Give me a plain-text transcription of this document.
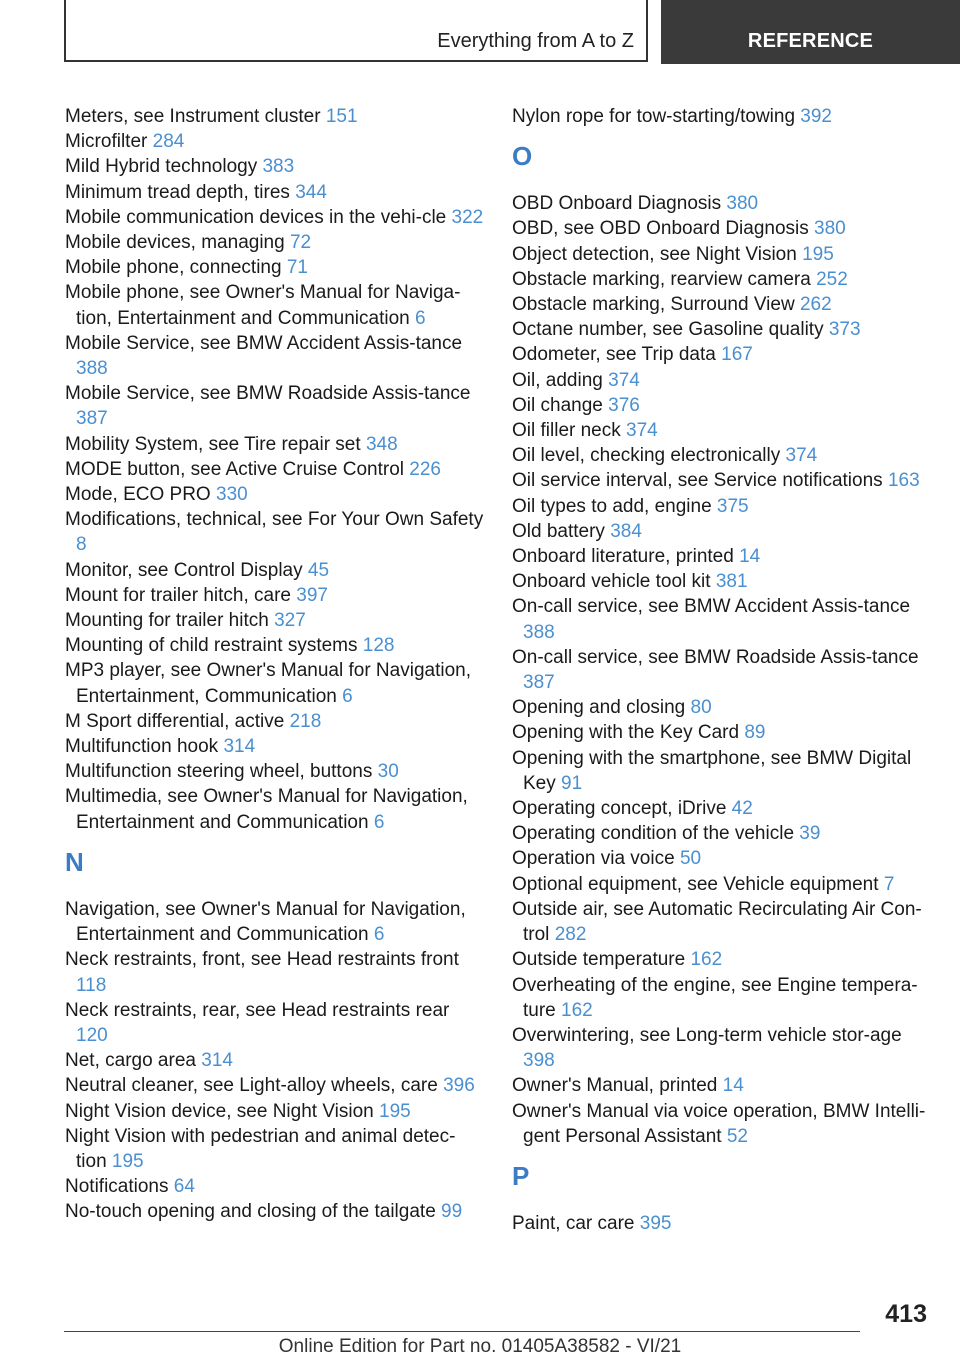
Everything from A to Z	REFERENCE

Meters, see Instrument cluster 151

Microfilter 284

Mild Hybrid technology 383

Minimum tread depth, tires 344

Mobile communication devices in the vehi-cle 322

Mobile devices, managing 72

Mobile phone, connecting 71

Mobile phone, see Owner's Manual for Naviga-tion, Entertainment and Communication 6

Mobile Service, see BMW Accident Assis-tance 388

Mobile Service, see BMW Roadside Assis-tance 387

Mobility System, see Tire repair set 348

MODE button, see Active Cruise Control 226

Mode, ECO PRO 330

Modifications, technical, see For Your Own Safety 8

Monitor, see Control Display 45

Mount for trailer hitch, care 397

Mounting for trailer hitch 327

Mounting of child restraint systems 128

MP3 player, see Owner's Manual for Navigation, Entertainment, Communication 6

M Sport differential, active 218

Multifunction hook 314

Multifunction steering wheel, buttons 30

Multimedia, see Owner's Manual for Navigation, Entertainment and Communication 6

N

Navigation, see Owner's Manual for Navigation, Entertainment and Communication 6

Neck restraints, front, see Head restraints front 118

Neck restraints, rear, see Head restraints rear 120

Net, cargo area 314

Neutral cleaner, see Light-alloy wheels, care 396

Night Vision device, see Night Vision 195

Night Vision with pedestrian and animal detec-tion 195

Notifications 64

No-touch opening and closing of the tailgate 99

Nylon rope for tow-starting/towing 392

O

OBD Onboard Diagnosis 380

OBD, see OBD Onboard Diagnosis 380

Object detection, see Night Vision 195

Obstacle marking, rearview camera 252

Obstacle marking, Surround View 262

Octane number, see Gasoline quality 373

Odometer, see Trip data 167

Oil, adding 374

Oil change 376

Oil filler neck 374

Oil level, checking electronically 374

Oil service interval, see Service notifications 163

Oil types to add, engine 375

Old battery 384

Onboard literature, printed 14

Onboard vehicle tool kit 381

On-call service, see BMW Accident Assis-tance 388

On-call service, see BMW Roadside Assis-tance 387

Opening and closing 80

Opening with the Key Card 89

Opening with the smartphone, see BMW Digital Key 91

Operating concept, iDrive 42

Operating condition of the vehicle 39

Operation via voice 50

Optional equipment, see Vehicle equipment 7

Outside air, see Automatic Recirculating Air Con-trol 282

Outside temperature 162

Overheating of the engine, see Engine tempera-ture 162

Overwintering, see Long-term vehicle stor-age 398

Owner's Manual, printed 14

Owner's Manual via voice operation, BMW Intelli-gent Personal Assistant 52

P

Paint, car care 395

413
Online Edition for Part no. 01405A38582 - VI/21
